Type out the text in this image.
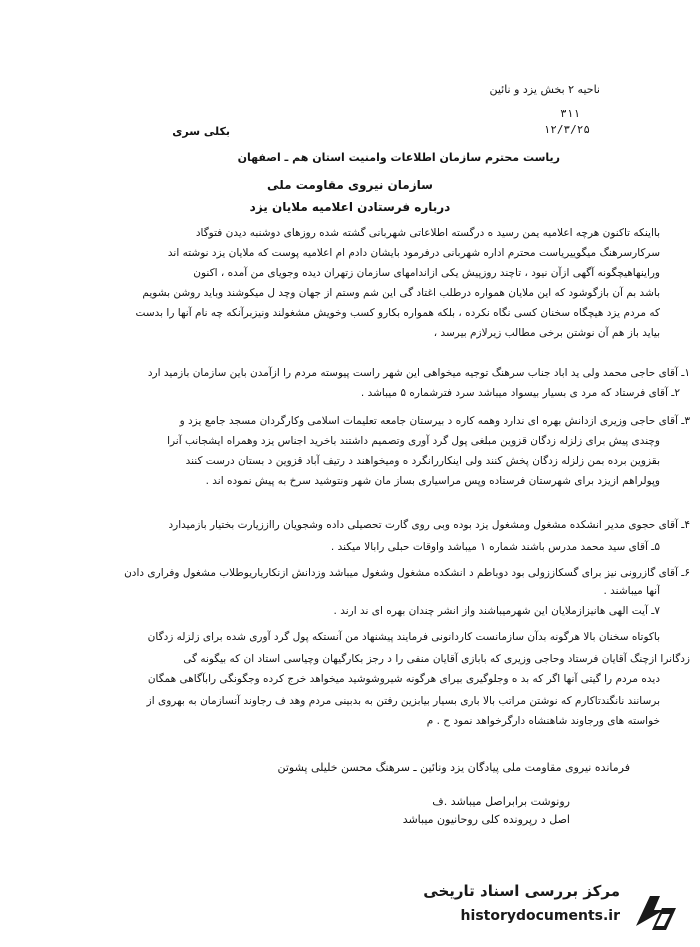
ناحیه ۲ بخش یزد و نائین
۳۱۱
۱۲/۳/۲۵
بکلی سری
ریاست محترم سازمان اطلاعات وامنیت استان هم ـ اصفهان
سازمان نیروی مقاومت ملی
درباره فرستادن اعلامیه ملایان یزد
بااینکه تاکنون هرچه اعلامیه یمن رسید ه درگسته اطلاعاتی شهربانی گشته شده روزهای دوشنبه دیدن فتوگاد
سرکارسرهنگ میگوییریاست محترم اداره شهربانی درفرمود بایشان دادم ام اعلامیه پوست که ملایان یزد نوشته اند
وراینهاهیچگونه آگهی ازآن نیود ، تاچند روزپیش یکی ازاندامهای سازمان زتهران دیده وجویای من آمده ، اکنون
باشد بم آن بازگوشود که این ملایان همواره درطلب اغتاد گی این شم وستم از جهان وچد ل میکوشند وباید روشن بشویم
که مردم یزد هیچگاه سخنان کسی نگاه نکرده ، بلکه همواره بکارو کسب وخویش مشغولند ونیزبرآنکه چه نام آنها را بدست
بیاید باز هم آن نوشتن برخی مطالب زیرلازم بیرسد ،
۱ـ آقای حاجی محمد ولی ید اباد جناب سرهنگ توجیه میخواهی این شهر راست پیوسته مردم را ازآمدن باین سازمان بازمید ارد
۲ـ آقای فرستاد که مرد ی بسیار بیسواد میباشد سرد فترشماره ۵ میباشد .
۳ـ آقای حاجی وزیری ازدانش بهره ای ندارد وهمه کاره د بیرستان جامعه تعلیمات اسلامی وکارگردان مسجد جامع یزد و
وچندی پیش برای زلزله زدگان قزوین مبلغی پول گرد آوری وتصمیم داشتند باخرید اجناس یزد وهمراه ایشجانب آنرا
بقزوین برده بمن زلزله زدگان پخش کنند ولی اینکاررانگرد ه ومیخواهند د رتیف آباد قزوین د بستان درست کنند
وپولراهم ازیزد برای شهرستان فرستاده وپس مراسیاری بساز مان شهر ونتوشید سرخ به پیش نموده اند .
۴ـ آقای حجوی مدیر انشکده مشغول ومشغول یزد بوده وبی روی گارت تحصیلی داده وشجویان رااززیارت بختیار بازمیدارد
۵ـ آقای سید محمد مدرس باشند شماره ۱ میباشد واوقات حبلی رابالا میکند .
۶ـ آقای گازرونی نیز برای گسکاززولی بود دوباطم د انشکده مشغول وشغول میباشد وزدانش ازنکاریاریوطلاب مشغول وفراری دادن
آنها میباشند .
۷ـ آیت الهی هانیزازملایان این شهرمیباشند واز انشر چندان بهره ای ند ارند .
باکوتاه سخنان بالا هرگونه بدآن سازمانست کاردانونی فرمایند پیشنهاد من آنستکه پول گرد آوری شده برای زلزله زدگان
زدگانرا ازچنگ آقایان فرستاد وحاجی وزیری که بابازی آقایان منفی را د رجز بکارگیهان وچیاسی استاد ان که بیگونه گی
دیده مردم را گیتی آنها اگر که بد ه وجلوگیری بیرای هرگونه شیروشوشید میخواهد خرج کرده وجگونگی رابآگاهی همگان
برسانند نانگندتاکارم که نوشتن مراتب بالا باری بسیار بیابزین رفتن به بدبینی مردم وهد ف رجاوند آنسازمان به بهروی از
خواسته های ورجاوند شاهنشاه دارگرخواهد نمود ح . م
فرمانده نیروی مقاومت ملی پیادگان یزد ونائین ـ سرهنگ محسن خلیلی پشوتن
رونوشت برابراصل میباشد .ف
اصل د رپرونده کلی روحانیون میباشد
مرکز بررسی اسناد تاریخی
historydocuments.ir
